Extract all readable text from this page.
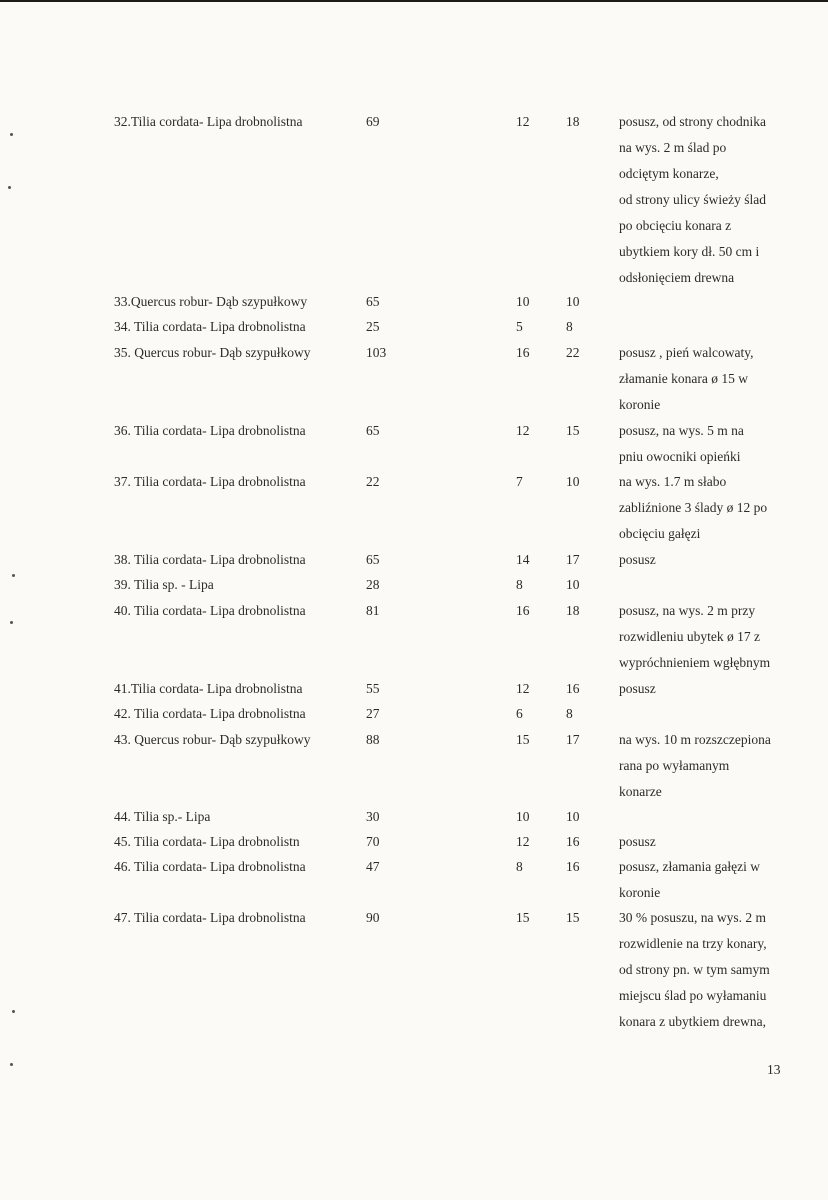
32.Tilia cordata- Lipa drobnolistna	69	12	18	posusz, od strony chodnika
na wys. 2 m ślad po
odciętym konarze,
od strony ulicy świeży ślad
po obcięciu konara z
ubytkiem kory dł. 50 cm i
odsłonięciem drewna
33.Quercus robur- Dąb szypułkowy	65	10	10
34. Tilia cordata- Lipa drobnolistna	25	5	8
35. Quercus robur- Dąb szypułkowy	103	16	22	posusz , pień walcowaty,
złamanie konara ø 15 w
koronie
36. Tilia cordata- Lipa drobnolistna	65	12	15	posusz, na wys. 5 m na
pniu owocniki opieńki
37. Tilia cordata- Lipa drobnolistna	22	7	10	na wys. 1.7 m słabo
zabliźnione 3 ślady ø 12 po
obcięciu gałęzi
38. Tilia cordata- Lipa drobnolistna	65	14	17	posusz
39. Tilia sp. - Lipa	28	8	10
40. Tilia cordata- Lipa drobnolistna	81	16	18	posusz, na wys. 2 m przy
rozwidleniu ubytek ø 17 z
wypróchnieniem wgłębnym
41.Tilia cordata- Lipa drobnolistna	55	12	16	posusz
42. Tilia cordata- Lipa drobnolistna	27	6	8
43. Quercus robur- Dąb szypułkowy	88	15	17	na wys. 10 m rozszczepiona
rana po wyłamanym
konarze
44. Tilia sp.- Lipa	30	10	10
45. Tilia cordata- Lipa drobnolistn	70	12	16	posusz
46. Tilia cordata- Lipa drobnolistna	47	8	16	posusz, złamania gałęzi w
koronie
47. Tilia cordata- Lipa drobnolistna	90	15	15	30 % posuszu, na wys. 2 m
rozwidlenie na trzy konary,
od strony pn. w tym samym
miejscu ślad po wyłamaniu
konara z ubytkiem drewna,
13
